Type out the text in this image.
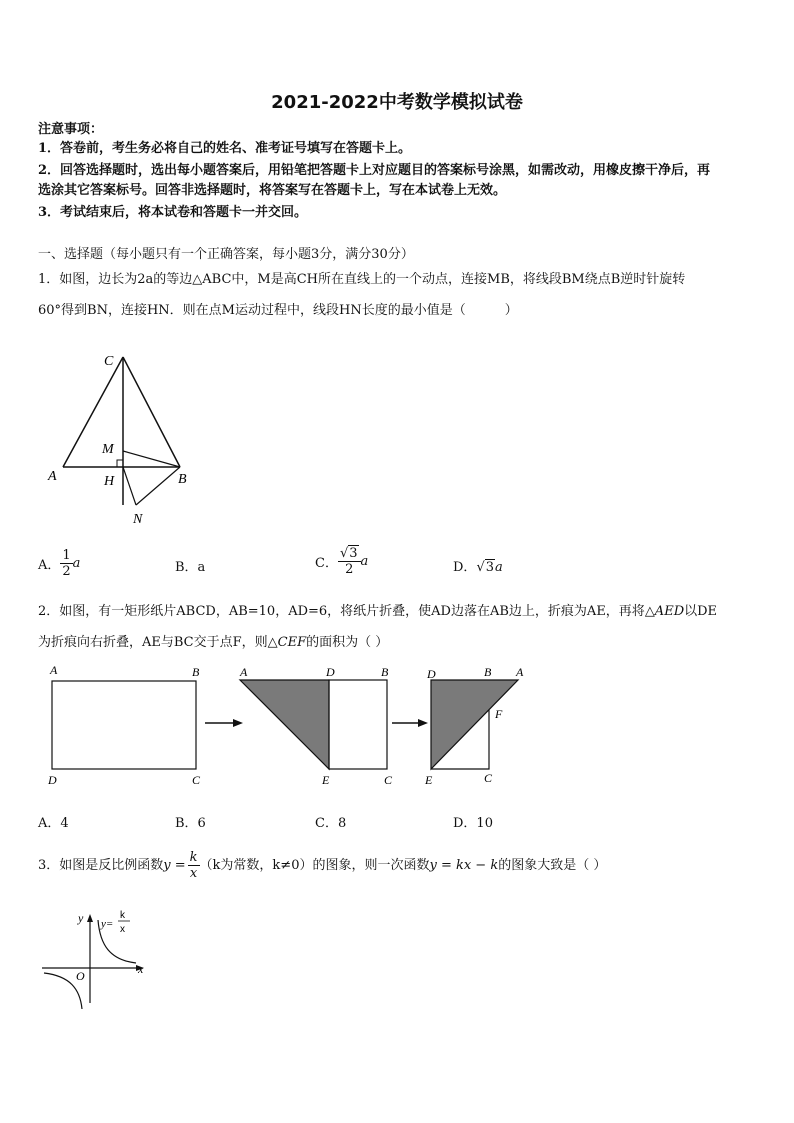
2021-2022中考数学模拟试卷
注意事项：
1．答卷前，考生务必将自己的姓名、准考证号填写在答题卡上。
2．回答选择题时，选出每小题答案后，用铅笔把答题卡上对应题目的答案标号涂黑，如需改动，用橡皮擦干净后，再
选涂其它答案标号。回答非选择题时，将答案写在答题卡上，写在本试卷上无效。
3．考试结束后，将本试卷和答题卡一并交回。
一、选择题（每小题只有一个正确答案，每小题3分，满分30分）
1．如图，边长为2a的等边△ABC中，M是高CH所在直线上的一个动点，连接MB，将线段BM绕点B逆时针旋转
60°得到BN，连接HN．则在点M运动过程中，线段HN长度的最小值是（　　　）
C
M
A	H	B
N
A． $\frac{1}{2}$ a	B．a	C． $\frac{√3}{2}$ a	D．√3a
2．如图，有一矩形纸片ABCD，AB=10，AD=6，将纸片折叠，使AD边落在AB边上，折痕为AE，再将△AED以DE
为折痕向右折叠，AE与BC交于点F，则△CEF的面积为（ ）
A	B
D	C
A	D	B
E	C
D	B A
F
E	C
A．4	B．6	C．8	D．10
3．如图是反比例函数 $y = \frac{k}{x} (k$为常数，k≠0）的图象，则一次函数 y = kx − k 的图象大致是（ ）
y
x
O
y=
k
x
